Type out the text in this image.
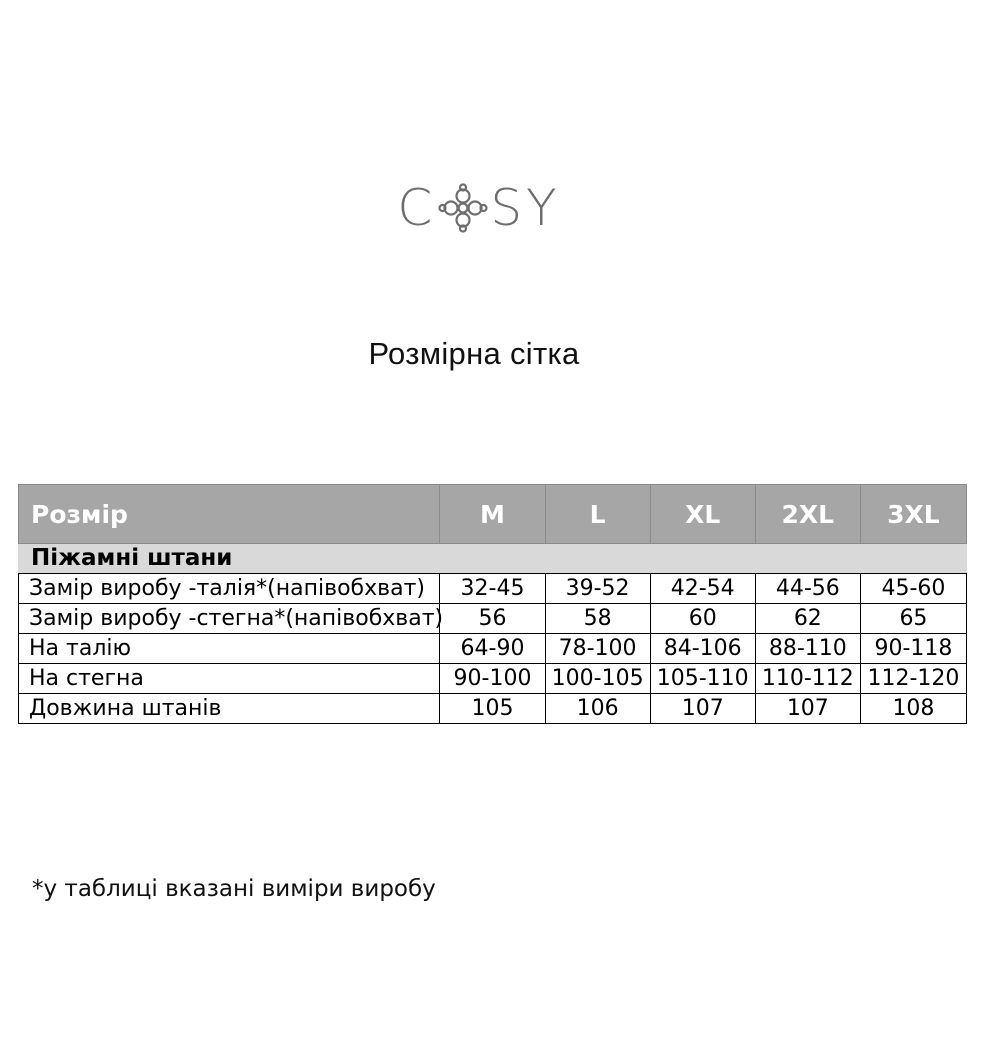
C SY
Розмірна сітка
Розмір	M	L	XL	2XL	3XL
Піжамні штани					
Замір виробу -талія*(напівобхват)	32-45	39-52	42-54	44-56	45-60
Замір виробу -стегна*(напівобхват)	56	58	60	62	65
На талію	64-90	78-100	84-106	88-110	90-118
На стегна	90-100	100-105	105-110	110-112	112-120
Довжина штанів	105	106	107	107	108

*у таблиці вказані виміри виробу
